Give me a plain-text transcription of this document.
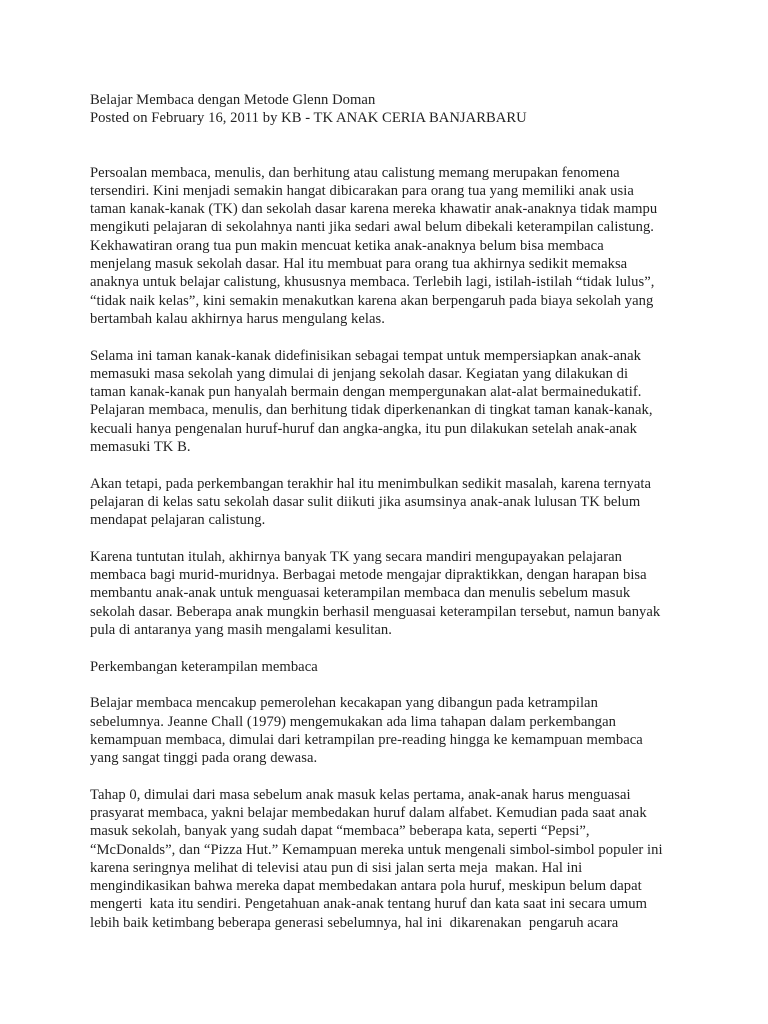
Belajar Membaca dengan Metode Glenn Doman
Posted on February 16, 2011 by KB - TK ANAK CERIA BANJARBARU
Persoalan membaca, menulis, dan berhitung atau calistung memang merupakan fenomena
tersendiri. Kini menjadi semakin hangat dibicarakan para orang tua yang memiliki anak usia
taman kanak-kanak (TK) dan sekolah dasar karena mereka khawatir anak-anaknya tidak mampu
mengikuti pelajaran di sekolahnya nanti jika sedari awal belum dibekali keterampilan calistung.
Kekhawatiran orang tua pun makin mencuat ketika anak-anaknya belum bisa membaca
menjelang masuk sekolah dasar. Hal itu membuat para orang tua akhirnya sedikit memaksa
anaknya untuk belajar calistung, khususnya membaca. Terlebih lagi, istilah-istilah “tidak lulus”,
“tidak naik kelas”, kini semakin menakutkan karena akan berpengaruh pada biaya sekolah yang
bertambah kalau akhirnya harus mengulang kelas.
Selama ini taman kanak-kanak didefinisikan sebagai tempat untuk mempersiapkan anak-anak
memasuki masa sekolah yang dimulai di jenjang sekolah dasar. Kegiatan yang dilakukan di
taman kanak-kanak pun hanyalah bermain dengan mempergunakan alat-alat bermainedukatif.
Pelajaran membaca, menulis, dan berhitung tidak diperkenankan di tingkat taman kanak-kanak,
kecuali hanya pengenalan huruf-huruf dan angka-angka, itu pun dilakukan setelah anak-anak
memasuki TK B.
Akan tetapi, pada perkembangan terakhir hal itu menimbulkan sedikit masalah, karena ternyata
pelajaran di kelas satu sekolah dasar sulit diikuti jika asumsinya anak-anak lulusan TK belum
mendapat pelajaran calistung.
Karena tuntutan itulah, akhirnya banyak TK yang secara mandiri mengupayakan pelajaran
membaca bagi murid-muridnya. Berbagai metode mengajar dipraktikkan, dengan harapan bisa
membantu anak-anak untuk menguasai keterampilan membaca dan menulis sebelum masuk
sekolah dasar. Beberapa anak mungkin berhasil menguasai keterampilan tersebut, namun banyak
pula di antaranya yang masih mengalami kesulitan.
Perkembangan keterampilan membaca
Belajar membaca mencakup pemerolehan kecakapan yang dibangun pada ketrampilan
sebelumnya. Jeanne Chall (1979) mengemukakan ada lima tahapan dalam perkembangan
kemampuan membaca, dimulai dari ketrampilan pre-reading hingga ke kemampuan membaca
yang sangat tinggi pada orang dewasa.
Tahap 0, dimulai dari masa sebelum anak masuk kelas pertama, anak-anak harus menguasai
prasyarat membaca, yakni belajar membedakan huruf dalam alfabet. Kemudian pada saat anak
masuk sekolah, banyak yang sudah dapat “membaca” beberapa kata, seperti “Pepsi”,
“McDonalds”, dan “Pizza Hut.” Kemampuan mereka untuk mengenali simbol-simbol populer ini
karena seringnya melihat di televisi atau pun di sisi jalan serta meja  makan. Hal ini
mengindikasikan bahwa mereka dapat membedakan antara pola huruf, meskipun belum dapat
mengerti  kata itu sendiri. Pengetahuan anak-anak tentang huruf dan kata saat ini secara umum
lebih baik ketimbang beberapa generasi sebelumnya, hal ini  dikarenakan  pengaruh acara
